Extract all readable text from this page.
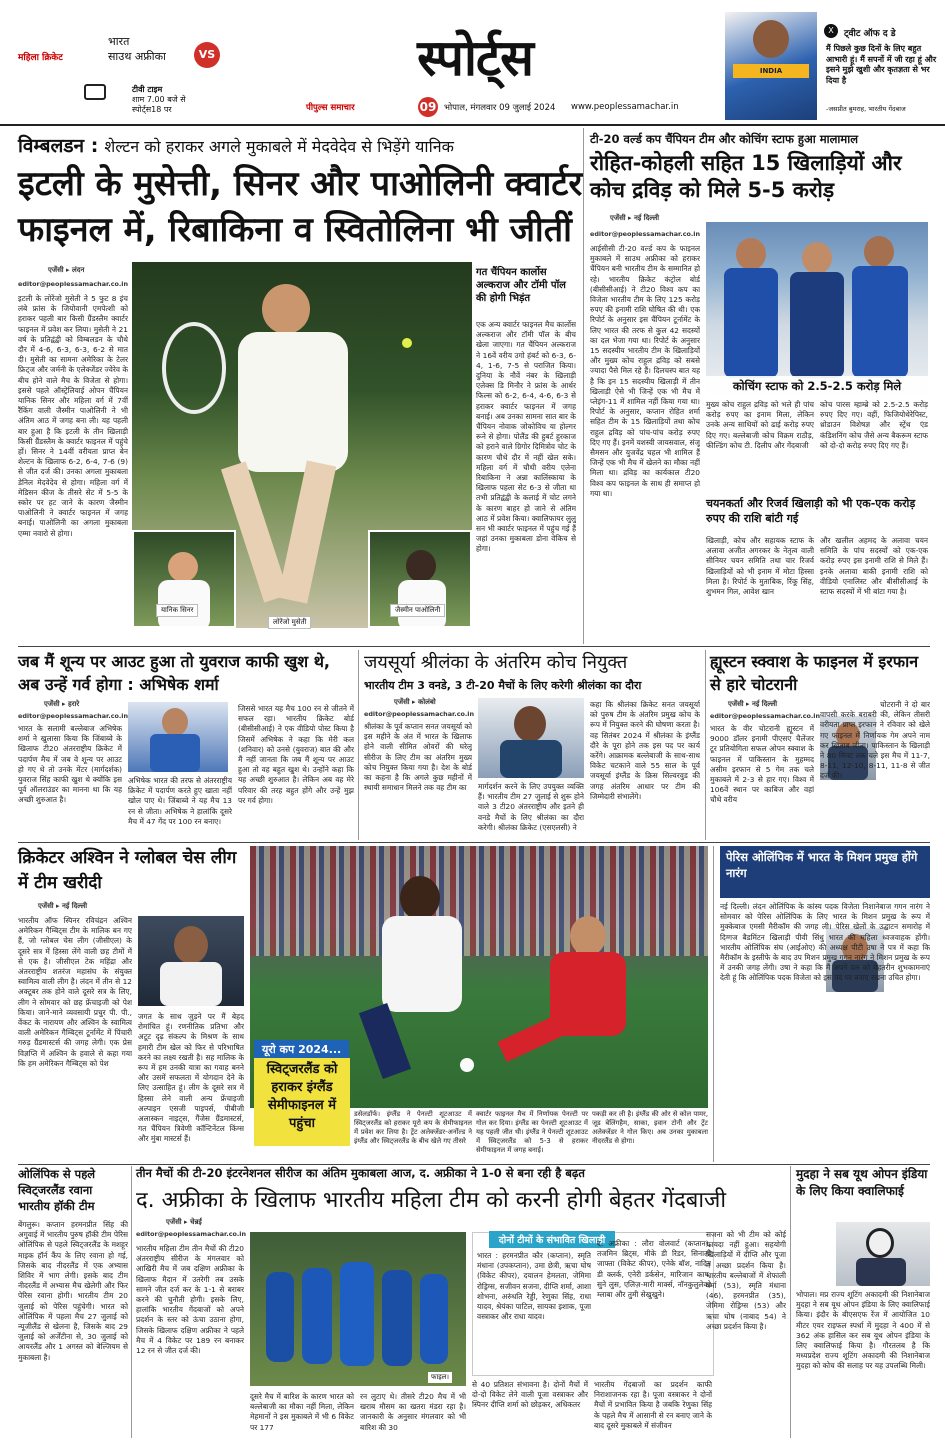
महिला क्रिकेट
भारत
साउथ अफ्रीका	VS
टीवी टाइम
शाम 7.00 बजे से
स्पोर्ट्स18 पर
स्पोर्ट्स
पीपुल्स समाचार	09 भोपाल, मंगलवार 09 जुलाई 2024 www.peoplessamachar.in
INDIA
X	ट्वीट ऑफ द डे
मैं पिछले कुछ दिनों के लिए बहुत आभारी हूं। मैं सपनों में जी रहा हूं और इसने मुझे खुशी और कृतज्ञता से भर दिया है
-जसप्रीत बुमराह, भारतीय गेंदबाज
विम्बलडन : शेल्टन को हराकर अगले मुकाबले में मेदवेदेव से भिड़ेंगे यानिक
इटली के मुसेत्ती, सिनर और पाओलिनी क्वार्टर
फाइनल में, रिबाकिना व स्वितोलिना भी जीतीं
एजेंसी ▸ लंदन
editor@peoplessamachar.co.in
इटली के लोरेंजो मुसेती ने 5 फुट 8 इंच लंबे फ्रांस के जियोवानी एमपेत्शी को हराकर पहली बार किसी ग्रैंडस्लैम क्वार्टर फाइनल में प्रवेश कर लिया। मुसेती ने 21 वर्ष के प्रतिद्वंद्वी को विम्बलडन के चौथे दौर में 4-6, 6-3, 6-3, 6-2 से मात दी। मुसेती का सामना अमेरिका के टेलर फ्रिट्ज और जर्मनी के एलेक्जेंडर ज्वेरेव के बीच होने वाले मैच के विजेता से होगा। इससे पहले ऑस्ट्रेलियाई ओपन चैंपियन यानिक सिनर और महिला वर्ग में 7वीं रैंकिंग वाली जैस्मीन पाओलिनी ने भी अंतिम आठ में जगह बना ली। यह पहली बार हुआ है कि इटली के तीन खिलाड़ी किसी ग्रैंडस्लैम के क्वार्टर फाइनल में पहुंचे हों। सिनर ने 14वीं वरीयता प्राप्त बेन शेल्टन के खिलाफ 6-2, 6-4, 7-6 (9) से जीत दर्ज की। उनका अगला मुकाबला डेनिल मेदवेदेव से होगा। महिला वर्ग में मेडिसन कीज के तीसरे सेट में 5-5 के स्कोर पर हट जाने के कारण जैस्मीन पाओलिनी ने क्वार्टर फाइनल में जगह बनाई। पाओलिनी का अगला मुकाबला एम्मा नवारो से होगा।
यानिक सिनर	जैस्मीन पाओलिनी
लोरेंजो मुसेती
गत चैंपियन कार्लोस अल्कराज और टॉमी पॉल की होगी भिड़ंत
एक अन्य क्वार्टर फाइनल मैच कार्लोस अल्कराज और टॉमी पॉल के बीच खेला जाएगा। गत चैंपियन अल्कराज ने 16वें वरीय उगो हंबर्ट को 6-3, 6-4, 1-6, 7-5 से पराजित किया। दुनिया के नौवें नंबर के खिलाड़ी एलेक्स डि मिनौर ने फ्रांस के आर्थर फिल्स को 6-2, 6-4, 4-6, 6-3 से हराकर क्वार्टर फाइनल में जगह बनाई। अब उनका सामना सात बार के चैंपियन नोवाक जोकोविच या होल्गर रूने से होगा। पोलैंड की हुबर्ट हुरकाज को हराने वाले ग्रिगोर दिमित्रोव चोट के कारण चौथे दौर में नहीं खेल सके। महिला वर्ग में चौथी वरीय एलेना रिबाकिना ने अन्ना कालिंस्काया के खिलाफ पहला सेट 6-3 से जीता था तभी प्रतिद्वंद्वी के कलाई में चोट लगने के कारण बाहर हो जाने से अंतिम आठ में प्रवेश किया। क्वालिफायर लुलु सन भी क्वार्टर फाइनल में पहुंच गई हैं जहां उनका मुकाबला डोना वेकिच से होगा।
टी-20 वर्ल्ड कप चैंपियन टीम और कोचिंग स्टाफ हुआ मालामाल
रोहित-कोहली सहित 15 खिलाड़ियों और कोच द्रविड़ को मिले 5-5 करोड़
एजेंसी ▸ नई दिल्ली
editor@peoplessamachar.co.in
आईसीसी टी-20 वर्ल्ड कप के फाइनल मुकाबले में साउथ अफ्रीका को हराकर चैंपियन बनी भारतीय टीम के सम्मानित हो रहे। भारतीय क्रिकेट कंट्रोल बोर्ड (बीसीसीआई) ने टी20 विश्व कप का विजेता भारतीय टीम के लिए 125 करोड़ रुपए की इनामी राशि घोषित की थी। एक रिपोर्ट के अनुसार इस चैंपियन टूर्नामेंट के लिए भारत की तरफ से कुल 42 सदस्यों का दल भेजा गया था। रिपोर्ट के अनुसार 15 सदस्यीय भारतीय टीम के खिलाड़ियों और मुख्य कोच राहुल द्रविड़ को सबसे ज्यादा पैसे मिल रहे हैं। दिलचस्प बात यह है कि इन 15 सदस्यीय खिलाड़ी में तीन खिलाड़ी ऐसे भी जिन्हें एक भी मैच में प्लेइंग-11 में शामिल नहीं किया गया था। रिपोर्ट के अनुसार, कप्तान रोहित शर्मा सहित टीम के 15 खिलाड़ियों तथा कोच राहुल द्रविड़ को पांच-पांच करोड़ रुपए दिए गए हैं। इनमें यशस्वी जायसवाल, संजू सैमसन और युजवेंद्र चहल भी शामिल हैं जिन्हें एक भी मैच में खेलने का मौका नहीं मिला था। द्रविड़ का कार्यकाल टी20 विश्व कप फाइनल के साथ ही समाप्त हो गया था।
कोचिंग स्टाफ को 2.5-2.5 करोड़ मिले
मुख्य कोच राहुल द्रविड़ को भले ही पांच करोड़ रुपए का इनाम मिला, लेकिन उनके अन्य साथियों को ढाई करोड़ रुपए दिए गए। बल्लेबाजी कोच विक्रम राठौड़, फील्डिंग कोच टी. दिलीप और गेंदबाजी
कोच पारस म्हाम्ब्रे को 2.5-2.5 करोड़ रुपए दिए गए। वहीं, फिजियोथेरेपिस्ट, थ्रोडाउन विशेषज्ञ और स्ट्रेंथ एंड कंडिशनिंग कोच जैसे अन्य बैकरूम स्टाफ को दो-दो करोड़ रुपए दिए गए हैं।
चयनकर्ता और रिजर्व खिलाड़ी को भी एक-एक करोड़ रुपए की राशि बांटी गई
खिलाड़ी, कोच और सहायक स्टाफ के अलावा अजीत अगरकर के नेतृत्व वाली सीनियर चयन समिति तथा चार रिजर्व खिलाड़ियों को भी इनाम में मोटा हिस्सा मिला है। रिपोर्ट के मुताबिक, रिंकू सिंह, शुभमन गिल, आवेश खान
और खलील अहमद के अलावा चयन समिति के पांच सदस्यों को एक-एक करोड़ रुपए इस इनामी राशि से मिले हैं। इनके अलावा बाकी इनामी राशि को वीडियो एनालिस्ट और बीसीसीआई के स्टाफ सदस्यों में भी बांटा गया है।
जब मैं शून्य पर आउट हुआ तो युवराज काफी खुश थे, अब उन्हें गर्व होगा : अभिषेक शर्मा
एजेंसी ▸ हरारे
editor@peoplessamachar.co.in
भारत के सलामी बल्लेबाज अभिषेक शर्मा ने खुलासा किया कि जिंबाब्वे के खिलाफ टी20 अंतरराष्ट्रीय क्रिकेट में पदार्पण मैच में जब वे शून्य पर आउट हो गए थे तो उनके मेंटर (मार्गदर्शक) युवराज सिंह काफी खुश थे क्योंकि इस पूर्व ऑलराउंडर का मानना था कि यह अच्छी शुरुआत है।
अभिषेक भारत की तरफ से अंतरराष्ट्रीय क्रिकेट में पदार्पण करते हुए खाता नहीं खोल पाए थे। जिंबाब्वे ने यह मैच 13 रन से जीता। अभिषेक ने हालांकि दूसरे मैच में 47 गेंद पर 100 रन बनाए।
जिससे भारत यह मैच 100 रन से जीतने में सफल रहा। भारतीय क्रिकेट बोर्ड (बीसीसीआई) ने एक वीडियो पोस्ट किया है जिसमें अभिषेक ने कहा कि मेरी कल (शनिवार) को उनसे (युवराज) बात की और मैं नहीं जानता कि जब मैं शून्य पर आउट हुआ तो वह बहुत खुश थे। उन्होंने कहा कि यह अच्छी शुरुआत है। लेकिन अब वह मेरे परिवार की तरह बहुत होंगे और उन्हें मुझ पर गर्व होगा।
जयसूर्या श्रीलंका के अंतरिम कोच नियुक्त
भारतीय टीम 3 वनडे, 3 टी-20 मैचों के लिए करेगी श्रीलंका का दौरा
एजेंसी ▸ कोलंबो
editor@peoplessamachar.co.in
श्रीलंका के पूर्व कप्तान सनत जयसूर्या को इस महीने के अंत में भारत के खिलाफ होने वाली सीमित ओवरों की घरेलू सीरीज के लिए टीम का अंतरिम मुख्य कोच नियुक्त किया गया है। देश के बोर्ड का कहना है कि अगले कुछ महीनों में स्थायी समाधान मिलने तक वह टीम का	मार्गदर्शन करने के लिए उपयुक्त व्यक्ति हैं। भारतीय टीम 27 जुलाई से शुरू होने वाले 3 टी20 अंतरराष्ट्रीय और इतने ही वनडे मैचों के लिए श्रीलंका का दौरा करेगी। श्रीलंका क्रिकेट (एसएलसी) ने
कहा कि श्रीलंका क्रिकेट सनत जयसूर्या को पुरुष टीम के अंतरिम प्रमुख कोच के रूप में नियुक्त करने की घोषणा करता है। वह सितंबर 2024 में श्रीलंका के इंग्लैंड दौरे के पूरा होने तक इस पद पर कार्य करेंगे। आक्रामक बल्लेबाजी के साथ-साथ विकेट चटकाने वाले 55 साल के पूर्व जयसूर्या इंग्लैंड के क्रिस सिल्वरवुड की जगह अंतरिम आधार पर टीम की जिम्मेदारी संभालेंगे।
ह्यूस्टन स्क्वाश के फाइनल में इरफान से हारे चोटरानी
एजेंसी ▸ नई दिल्ली
editor@peoplessamachar.co.in
भारत के वीर चोटरानी ह्यूस्टन में 9000 डॉलर इनामी पीएसए चैलेंजर टूर प्रतियोगिता सफल ओपन स्क्वाश के फाइनल में पाकिस्तान के मुहम्मद असीम इरफान से 5 गेम तक चले मुकाबले में 2-3 से हार गए। विश्व में 106वें स्थान पर काबिज और वहां चौथे वरीय
चोटरानी ने दो बार वापसी करके बराबरी की, लेकिन तीसरी वरीयता प्राप्त इरफान ने रविवार को खेले गए फाइनल में निर्णायक गेम अपने नाम कर खिताब जीता। पाकिस्तान के खिलाड़ी ने 80 मिनट तक चले इस मैच में 11-7, 8-11, 12-10, 8-11, 11-8 से जीत दर्ज की।
क्रिकेटर अश्विन ने ग्लोबल चेस लीग में टीम खरीदी
एजेंसी ▸ नई दिल्ली
भारतीय ऑफ स्पिनर रविचंद्रन अश्विन अमेरिकन गैम्बिट्स टीम के मालिक बन गए हैं, जो ग्लोबल चेस लीग (जीसीएल) के दूसरे सत्र में हिस्सा लेंगे वाली छह टीमों में से एक है। जीसीएल टेक महिंद्रा और अंतरराष्ट्रीय शतरंज महासंघ के संयुक्त स्वामित्व वाली लीग है। लंदन में तीन से 12 अक्टूबर तक होने वाले दूसरे सत्र के लिए, लीग ने सोमवार को छह फ्रेंचाइजी को पेश किया। जाने-माने व्यवसायी प्रचुर पी. पी., वेंकट के नारायण और अश्विन के स्वामित्व वाली अमेरिकन गैम्बिट्स टूर्नामेंट में पिंचारी गरुड़ ग्रैंडमास्टर्स की जगह लेगी। एक प्रेस विज्ञप्ति में अश्विन के हवाले से कहा गया कि हम अमेरिकन गैम्बिट्स को पेश
जगत के साथ जुड़ने पर मैं बेहद रोमांचित हूं। रणनीतिक प्रतिभा और अटूट दृढ़ संकल्प के मिश्रण के साथ हमारी टीम खेल को फिर से परिभाषित करने का लक्ष्य रखती है। सह मालिक के रूप में हम उनकी यात्रा का गवाह बनने और उसमें सफलता में योगदान देने के लिए उत्साहित हूं। लीग के दूसरे सत्र में हिस्सा लेने वाली अन्य फ्रेंचाइजी अल्पाइन एसजी पाइपर्स, पीबीजी अलास्कन नाइट्स, गैंजेस ग्रैंडमास्टर्स, गत चैंपियन त्रिवेणी कॉन्टिनेंटल किंग्स और मुंबा मास्टर्स हैं।
यूरो कप 2024...
स्विट्जरलैंड को हराकर इंग्लैंड सेमीफाइनल में पहुंचा
डसेलडॉर्फ। इंग्लैंड ने पेनल्टी शूटआउट में स्विट्जरलैंड को हराकर यूरो कप के सेमीफाइनल में प्रवेश कर लिया है। ट्रेंट अलेक्जेंडर-अर्नोल्ड ने इंग्लैंड और स्विट्जरलैंड के बीच खेले गए तीसरे
क्वार्टर फाइनल मैच में निर्णायक पेनल्टी पर गोल कर दिया। इंग्लैंड का पेनल्टी शूटआउट में यह पहली जीत थी। इंग्लैंड ने पेनल्टी शूटआउट में स्विट्जरलैंड को 5-3 से हराकर सेमीफाइनल में जगह बनाई।
पकड़ी कर ली है। इंग्लैंड की ओर से कोल पामर, जूड बेलिंगहैम, साका, इवान टोनी और ट्रेंट अलेक्जेंडर ने गोल किए। अब उनका मुकाबला नीदरलैंड से होगा।
पेरिस ओलिंपिक में भारत के मिशन प्रमुख होंगे नारंग
नई दिल्ली। लंदन ओलिंपिक के कांस्य पदक विजेता निशानेबाज गगन नारंग ने सोमवार को पेरिस ओलिंपिक के लिए भारत के मिशन प्रमुख के रूप में मुक्केबाज एमसी मैरीकॉम की जगह ली। पेरिस खेलों के उद्घाटन समारोह में दिग्गज बैडमिंटन खिलाड़ी पीवी सिंधु भारत की महिला ध्वजवाहक होंगी। भारतीय ओलिंपिक संघ (आईओए) की अध्यक्ष पीटी उषा ने पत्र में कहा कि मैरीकॉम के इस्तीफे के बाद उप मिशन प्रमुख गगन नारंग ने मिशन प्रमुख के रूप में उनकी जगह लेंगी। उषा ने कहा कि मैं अपने दल को बेहतरीन शुभकामनाएं देती हूं कि ओलिंपिक पदक विजेता को इस पद पर बनाए रखना उचित होगा।
ओलिंपिक से पहले स्विट्जरलैंड रवाना भारतीय हॉकी टीम
बेंगलुरू। कप्तान हरमनप्रीत सिंह की अगुवाई में भारतीय पुरुष हॉकी टीम पेरिस ओलिंपिक से पहले स्विट्जरलैंड के मशहूर माइक हॉर्न कैंप के लिए रवाना हो गई, जिसके बाद नीदरलैंड में एक अभ्यास शिविर में भाग लेगी। इसके बाद टीम नीदरलैंड में अभ्यास मैच खेलेगी और फिर पेरिस रवाना होगी। भारतीय टीम 20 जुलाई को पेरिस पहुंचेगी। भारत को ओलिंपिक में पहला मैच 27 जुलाई को न्यूजीलैंड से खेलना है, जिसके बाद 29 जुलाई को अर्जेंटीना से, 30 जुलाई को आयरलैंड और 1 अगस्त को बेल्जियम से मुकाबला है।
तीन मैचों की टी-20 इंटरनेशनल सीरीज का अंतिम मुकाबला आज, द. अफ्रीका ने 1-0 से बना रही है बढ़त
द. अफ्रीका के खिलाफ भारतीय महिला टीम को करनी होगी बेहतर गेंदबाजी
एजेंसी ▸ चेन्नई
editor@peoplessamachar.co.in
भारतीय महिला टीम तीन मैचों की टी20 अंतरराष्ट्रीय सीरीज के मंगलवार को आखिरी मैच में जब दक्षिण अफ्रीका के खिलाफ मैदान में उतरेगी तब उसके सामने जीत दर्ज कर के 1-1 से बराबर करने की चुनौती होगी। इसके लिए, हालांकि भारतीय गेंदबाजों को अपने प्रदर्शन के स्तर को ऊंचा उठाना होगा, जिसके खिलाफ दक्षिण अफ्रीका ने पहले मैच में 4 विकेट पर 189 रन बनाकर 12 रन से जीत दर्ज की।
फाइल।
दूसरे मैच में बारिश के कारण भारत को बल्लेबाजी का मौका नहीं मिला, लेकिन मेहमानों ने इस मुकाबले में भी 6 विकेट पर 177
रन लुटाए थे। तीसरे टी20 मैच में भी खराब मौसम का खतरा मंडरा रहा है। जानकारी के अनुसार मंगलवार को भी बारिश की 30
दोनों टीमों के संभावित खिलाड़ी
भारत : हरमनप्रीत कौर (कप्तान), स्मृति मंधाना (उपकप्तान), उमा छेत्री, ऋचा घोष (विकेट कीपर), दयालन हेमलता, जेमिमा रोड्रिग्स, सजीवन सजना, दीप्ति शर्मा, आशा शोभना, अरुंधति रेड्डी, रेणुका सिंह, राधा यादव, श्रेयंका पाटिल, सायका इशाक, पूजा वस्त्राकर और राधा यादव।
द. अफ्रीका : लौरा वोलवार्ट (कप्तान), तजमिन ब्रिट्स, मीके डी रिडर, सिनालो जाफ्ता (विकेट कीपर), एनेके बॉश, नादिन डी क्लर्क, एनेरी डर्कसेन, मारिजान काप, सुने लुस, एलिज़-मारी मार्क्स, नॉनकुलुलेको म्लाबा और तुमी सेखुखुने।
से 40 प्रतिशत संभावना है। दोनों मैचों में दो-दो विकेट लेने वाली पूजा वस्त्राकर और स्पिनर दीप्ति शर्मा को छोड़कर, अधिकतर
भारतीय गेंदबाजों का प्रदर्शन काफी निराशाजनक रहा है। पूजा वस्त्राकर ने दोनों मैचों में प्रभावित किया है जबकि रेणुका सिंह के पहले मैच में आसानी से रन बनाए जाने के बाद दूसरे मुकाबले में संजीवन
सजना को भी टीम को कोई फायदा नहीं हुआ। सहयोगी खिलाड़ियों में दीप्ति और पूजा ने अच्छा प्रदर्शन किया है। भारतीय बल्लेबाजों में शेफाली वर्मा (53), स्मृति मंधाना (46), हरमनप्रीत (35), जेमिमा रोड्रिग्स (53) और ऋचा घोष (नाबाद 54) ने अच्छा प्रदर्शन किया है।
मुदहा ने सब यूथ ओपन इंडिया के लिए किया क्वालिफाई
भोपाल। मप्र राज्य शूटिंग अकादमी की निशानेबाज मुदहा ने सब यूथ ओपन इंडिया के लिए क्वालिफाई किया। इंदौर के बीएसएफ रेंज में आयोजित 10 मीटर एयर राइफल स्पर्धा में मुदहा ने 400 में से 362 अंक हासिल कर सब यूथ ओपन इंडिया के लिए क्वालिफाई किया है। गौरतलब है कि मध्यप्रदेश राज्य शूटिंग अकादमी की निशानेबाज मुदहा को कोच की सलाह पर यह उपलब्धि मिली।
